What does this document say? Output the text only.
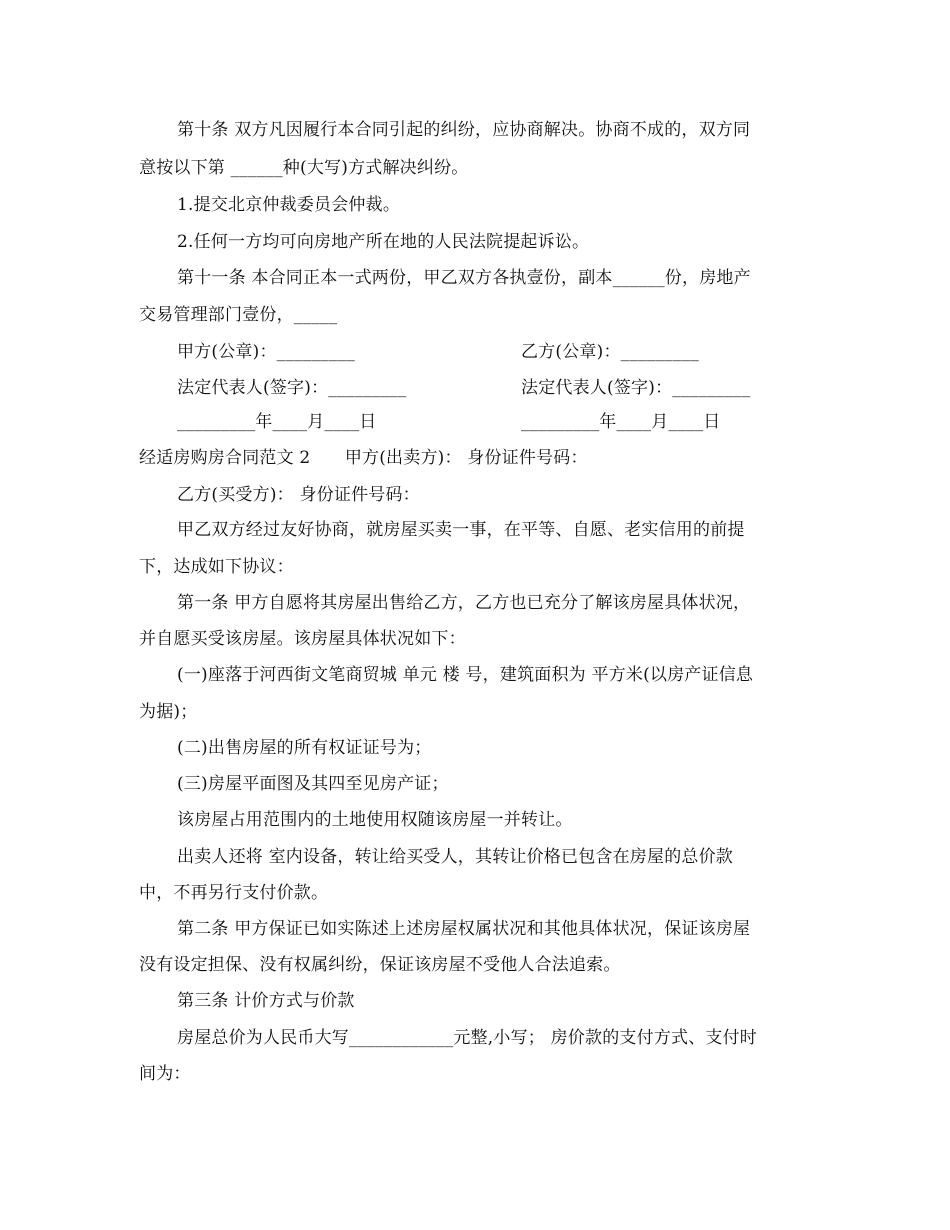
第十条 双方凡因履行本合同引起的纠纷，应协商解决。协商不成的，双方同
意按以下第 ______种(大写)方式解决纠纷。
1.提交北京仲裁委员会仲裁。
2.任何一方均可向房地产所在地的人民法院提起诉讼。
第十一条 本合同正本一式两份，甲乙双方各执壹份，副本______份，房地产
交易管理部门壹份，_____
甲方(公章)：_________	乙方(公章)：_________
法定代表人(签字)：_________	法定代表人(签字)：_________
_________年____月____日	_________年____月____日
经适房购房合同范文 2　　甲方(出卖方)： 身份证件号码：
乙方(买受方)： 身份证件号码：
甲乙双方经过友好协商，就房屋买卖一事，在平等、自愿、老实信用的前提
下，达成如下协议：
第一条 甲方自愿将其房屋出售给乙方，乙方也已充分了解该房屋具体状况，
并自愿买受该房屋。该房屋具体状况如下：
(一)座落于河西街文笔商贸城 单元 楼 号，建筑面积为 平方米(以房产证信息
为据)；
(二)出售房屋的所有权证证号为；
(三)房屋平面图及其四至见房产证；
该房屋占用范围内的土地使用权随该房屋一并转让。
出卖人还将 室内设备，转让给买受人，其转让价格已包含在房屋的总价款
中，不再另行支付价款。
第二条 甲方保证已如实陈述上述房屋权属状况和其他具体状况，保证该房屋
没有设定担保、没有权属纠纷，保证该房屋不受他人合法追索。
第三条 计价方式与价款
房屋总价为人民币大写____________元整,小写； 房价款的支付方式、支付时
间为：
